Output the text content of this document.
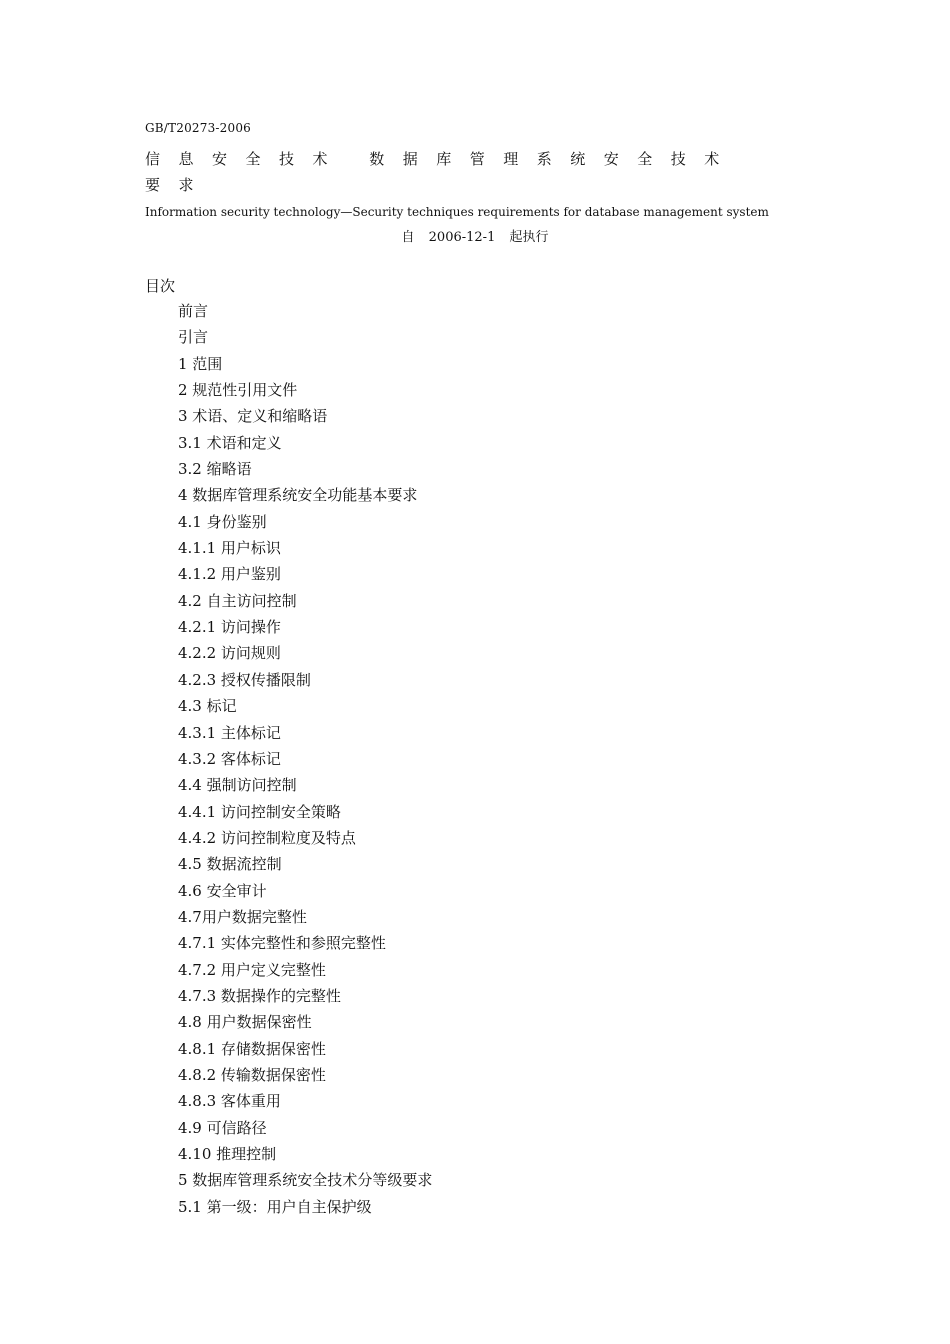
GB/T20273-2006
信息安全技术 数据库管理系统安全技术
要求
Information security technology—Security techniques requirements for database management system
自 2006-12-1 起执行
目次
前言
引言
1 范围
2 规范性引用文件
3 术语、定义和缩略语
3.1 术语和定义
3.2 缩略语
4 数据库管理系统安全功能基本要求
4.1 身份鉴别
4.1.1 用户标识
4.1.2 用户鉴别
4.2 自主访问控制
4.2.1 访问操作
4.2.2 访问规则
4.2.3 授权传播限制
4.3 标记
4.3.1 主体标记
4.3.2 客体标记
4.4 强制访问控制
4.4.1 访问控制安全策略
4.4.2 访问控制粒度及特点
4.5 数据流控制
4.6 安全审计
4.7用户数据完整性
4.7.1 实体完整性和参照完整性
4.7.2 用户定义完整性
4.7.3 数据操作的完整性
4.8 用户数据保密性
4.8.1 存储数据保密性
4.8.2 传输数据保密性
4.8.3 客体重用
4.9 可信路径
4.10 推理控制
5 数据库管理系统安全技术分等级要求
5.1 第一级：用户自主保护级
